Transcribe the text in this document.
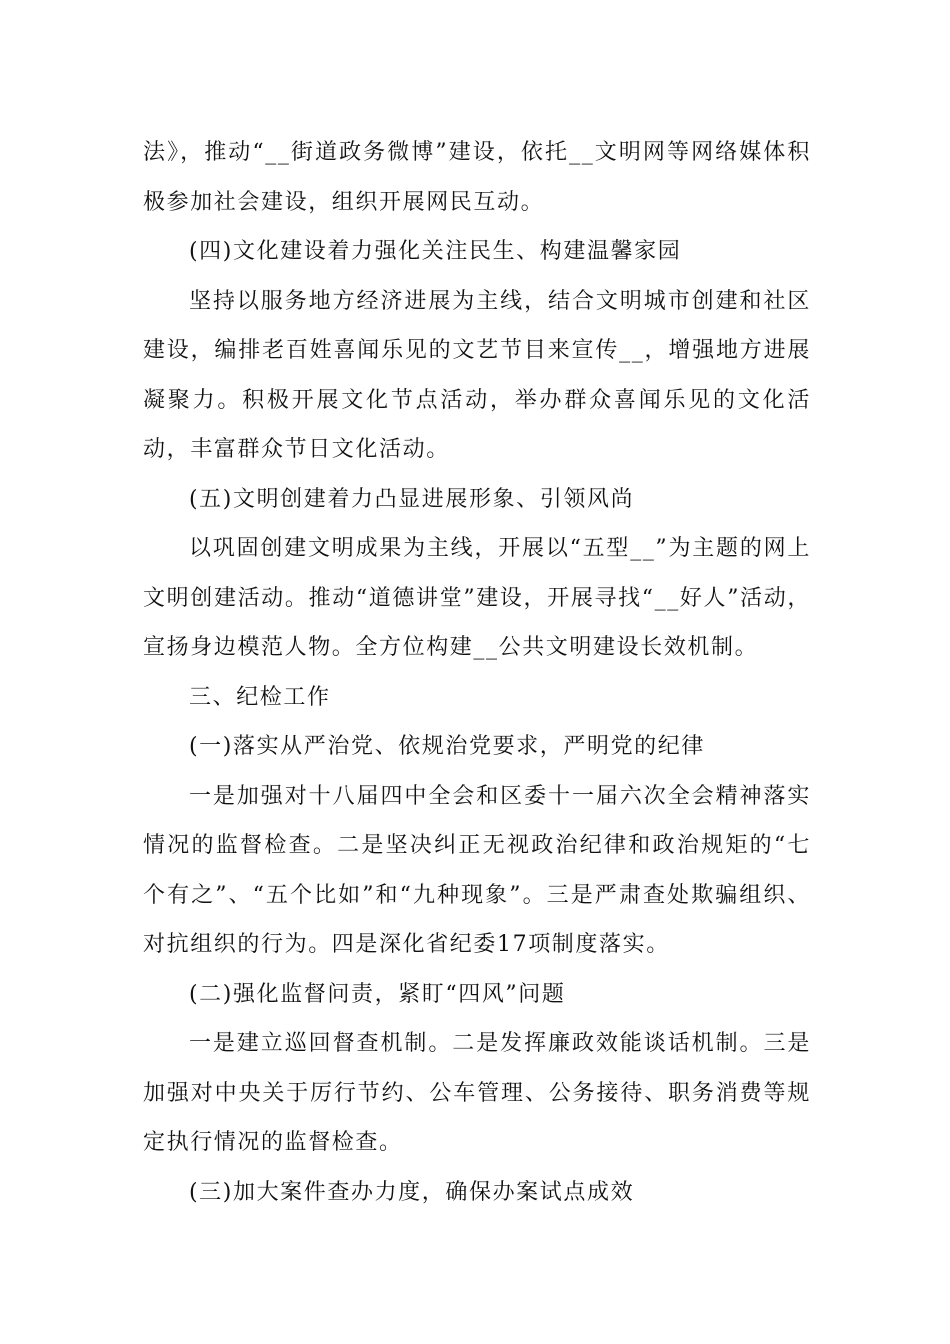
法》，推动“__街道政务微博”建设，依托__文明网等网络媒体积极参加社会建设，组织开展网民互动。

(四)文化建设着力强化关注民生、构建温馨家园

坚持以服务地方经济进展为主线，结合文明城市创建和社区建设，编排老百姓喜闻乐见的文艺节目来宣传__，增强地方进展凝聚力。积极开展文化节点活动，举办群众喜闻乐见的文化活动，丰富群众节日文化活动。

(五)文明创建着力凸显进展形象、引领风尚

以巩固创建文明成果为主线，开展以“五型__”为主题的网上文明创建活动。推动“道德讲堂”建设，开展寻找“__好人”活动，宣扬身边模范人物。全方位构建__公共文明建设长效机制。

三、纪检工作

(一)落实从严治党、依规治党要求，严明党的纪律

一是加强对十八届四中全会和区委十一届六次全会精神落实情况的监督检查。二是坚决纠正无视政治纪律和政治规矩的“七个有之”、“五个比如”和“九种现象”。三是严肃查处欺骗组织、对抗组织的行为。四是深化省纪委17项制度落实。

(二)强化监督问责，紧盯“四风”问题

一是建立巡回督查机制。二是发挥廉政效能谈话机制。三是加强对中央关于厉行节约、公车管理、公务接待、职务消费等规定执行情况的监督检查。

(三)加大案件查办力度，确保办案试点成效
